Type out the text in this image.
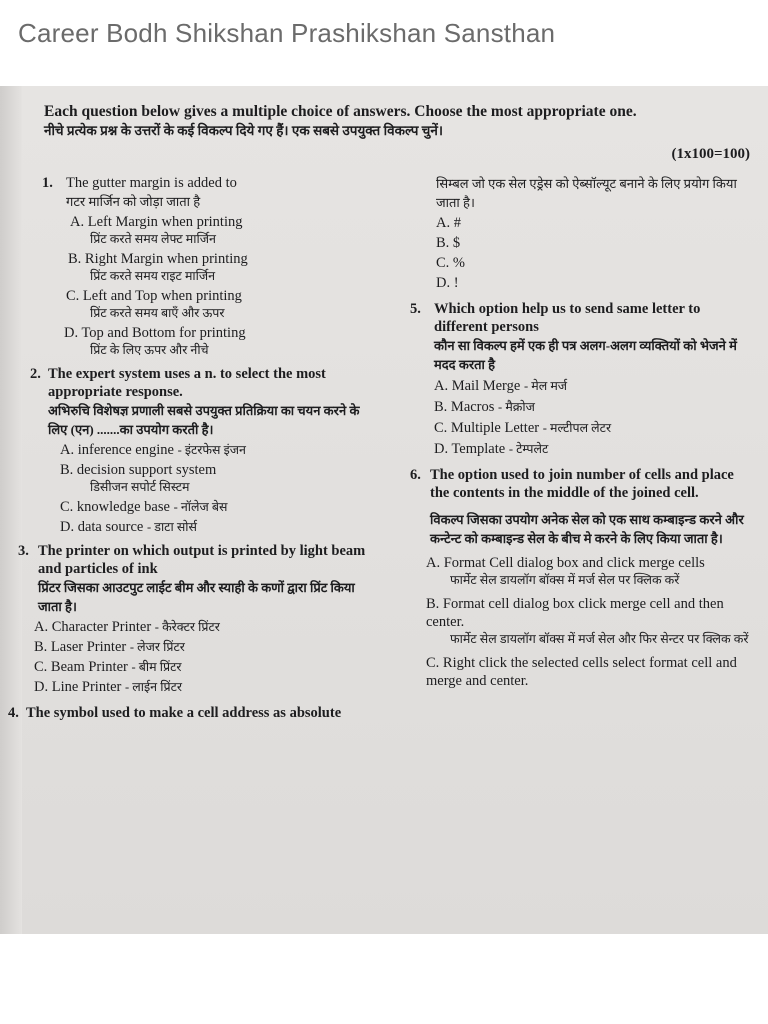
Career Bodh Shikshan Prashikshan Sansthan
Each question below gives a multiple choice of answers. Choose the most appropriate one.
नीचे प्रत्येक प्रश्न के उत्तरों के कई विकल्प दिये गए हैं। एक सबसे उपयुक्त विकल्प चुनें।
(1x100=100)
1. The gutter margin is added to
गटर मार्जिन को जोड़ा जाता है
A. Left Margin when printing
प्रिंट करते समय लेफ्ट मार्जिन
B. Right Margin when printing
प्रिंट करते समय राइट मार्जिन
C. Left and Top when printing
प्रिंट करते समय बाएँ और ऊपर
D. Top and Bottom for printing
प्रिंट के लिए ऊपर और नीचे
2. The expert system uses a n. to select the most appropriate response.
अभिरुचि विशेषज्ञ प्रणाली सबसे उपयुक्त प्रतिक्रिया का चयन करने के लिए (एन) .......का उपयोग करती है।
A. inference engine - इंटरफेस इंजन
B. decision support system
डिसीजन सपोर्ट सिस्टम
C. knowledge base - नॉलेज बेस
D. data source - डाटा सोर्स
3. The printer on which output is printed by light beam and particles of ink
प्रिंटर जिसका आउटपुट लाईट बीम और स्याही के कणों द्वारा प्रिंट किया जाता है।
A. Character Printer - कैरेक्टर प्रिंटर
B. Laser Printer - लेजर प्रिंटर
C. Beam Printer - बीम प्रिंटर
D. Line Printer - लाईन प्रिंटर
4. The symbol used to make a cell address as absolute
सिम्बल जो एक सेल एड्रेस को ऐब्सॉल्यूट बनाने के लिए प्रयोग किया जाता है।
A. #
B. $
C. %
D. !
5. Which option help us to send same letter to different persons
कौन सा विकल्प हमें एक ही पत्र अलग-अलग व्यक्तियों को भेजने में मदद करता है
A. Mail Merge - मेल मर्ज
B. Macros - मैक्रोज
C. Multiple Letter - मल्टीपल लेटर
D. Template - टेम्पलेट
6. The option used to join number of cells and place the contents in the middle of the joined cell.
विकल्प जिसका उपयोग अनेक सेल को एक साथ कम्बाइन्ड करने और कन्टेन्ट को कम्बाइन्ड सेल के बीच मे करने के लिए किया जाता है।
A. Format Cell dialog box and click merge cells
फार्मेट सेल डायलॉग बॉक्स में मर्ज सेल पर क्लिक करें
B. Format cell dialog box click merge cell and then center.
फार्मेट सेल डायलॉग बॉक्स में मर्ज सेल और फिर सेन्टर पर क्लिक करें
C. Right click the selected cells select format cell and merge and center.
